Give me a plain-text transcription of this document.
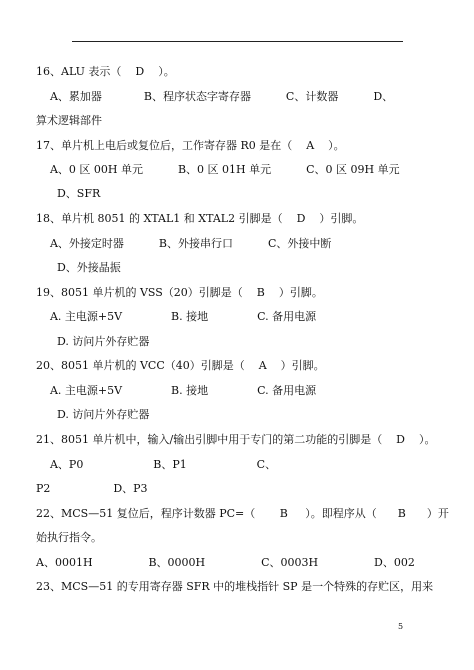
16、ALU 表示（    D    ）。
A、累加器            B、程序状态字寄存器          C、计数器          D、
算术逻辑部件
17、单片机上电后或复位后，工作寄存器 R0 是在（    A    ）。
A、0 区 00H 单元          B、0 区 01H 单元          C、0 区 09H 单元
D、SFR
18、单片机 8051 的 XTAL1 和 XTAL2 引脚是（    D    ）引脚。
A、外接定时器          B、外接串行口          C、外接中断
D、外接晶振
19、8051 单片机的 VSS（20）引脚是（    B    ）引脚。
A. 主电源+5V              B. 接地              C. 备用电源
D. 访问片外存贮器
20、8051 单片机的 VCC（40）引脚是（    A    ）引脚。
A. 主电源+5V              B. 接地              C. 备用电源
D. 访问片外存贮器
21、8051 单片机中，输入/输出引脚中用于专门的第二功能的引脚是（    D    ）。
A、P0                    B、P1                    C、
P2                  D、P3
22、MCS—51 复位后，程序计数器 PC=（       B     ）。即程序从（      B      ）开
始执行指令。
A、0001H                B、0000H                C、0003H                D、002
23、MCS—51 的专用寄存器 SFR 中的堆栈指针 SP 是一个特殊的存贮区，用来
5
